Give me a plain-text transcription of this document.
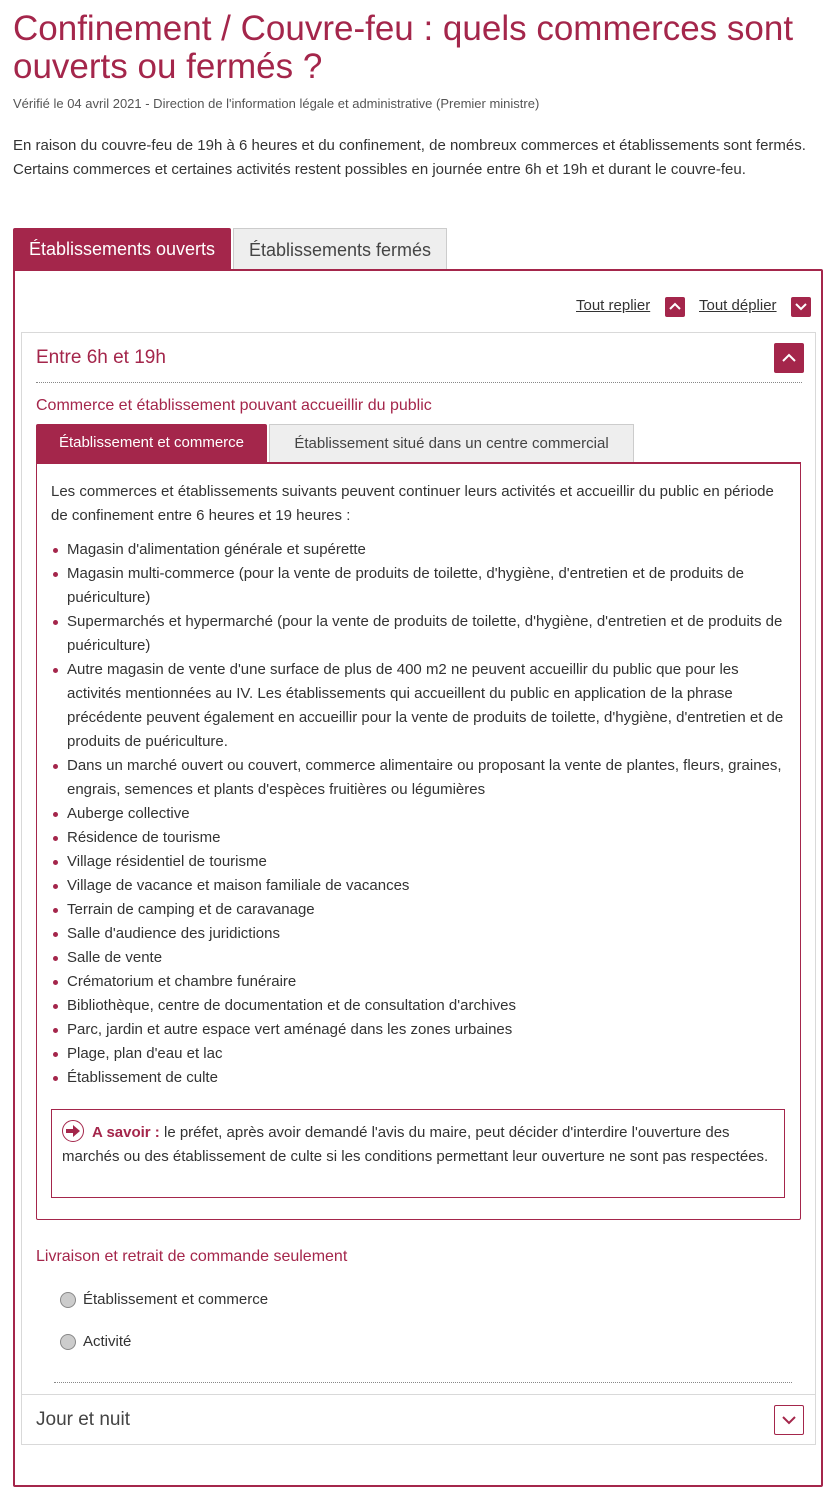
Confinement / Couvre-feu : quels commerces sont ouverts ou fermés ?

Vérifié le 04 avril 2021 - Direction de l'information légale et administrative (Premier ministre)

En raison du couvre-feu de 19h à 6 heures et du confinement, de nombreux commerces et établissements sont fermés. Certains commerces et certaines activités restent possibles en journée entre 6h et 19h et durant le couvre-feu.

Établissements ouverts	Établissements fermés
Tout replier	Tout déplier
Entre 6h et 19h
Commerce et établissement pouvant accueillir du public
Établissement et commerce	Établissement situé dans un centre commercial

Les commerces et établissements suivants peuvent continuer leurs activités et accueillir du public en période de confinement entre 6 heures et 19 heures :

Magasin d'alimentation générale et supérette
Magasin multi-commerce (pour la vente de produits de toilette, d'hygiène, d'entretien et de produits de puériculture)
Supermarchés et hypermarché (pour la vente de produits de toilette, d'hygiène, d'entretien et de produits de puériculture)
Autre magasin de vente d'une surface de plus de 400 m2 ne peuvent accueillir du public que pour les activités mentionnées au IV. Les établissements qui accueillent du public en application de la phrase précédente peuvent également en accueillir pour la vente de produits de toilette, d'hygiène, d'entretien et de produits de puériculture.
Dans un marché ouvert ou couvert, commerce alimentaire ou proposant la vente de plantes, fleurs, graines, engrais, semences et plants d'espèces fruitières ou légumières
Auberge collective
Résidence de tourisme
Village résidentiel de tourisme
Village de vacance et maison familiale de vacances
Terrain de camping et de caravanage
Salle d'audience des juridictions
Salle de vente
Crématorium et chambre funéraire
Bibliothèque, centre de documentation et de consultation d'archives
Parc, jardin et autre espace vert aménagé dans les zones urbaines
Plage, plan d'eau et lac
Établissement de culte
A savoir : le préfet, après avoir demandé l'avis du maire, peut décider d'interdire l'ouverture des marchés ou des établissement de culte si les conditions permettant leur ouverture ne sont pas respectées.
Livraison et retrait de commande seulement
Établissement et commerce
Activité
Jour et nuit
